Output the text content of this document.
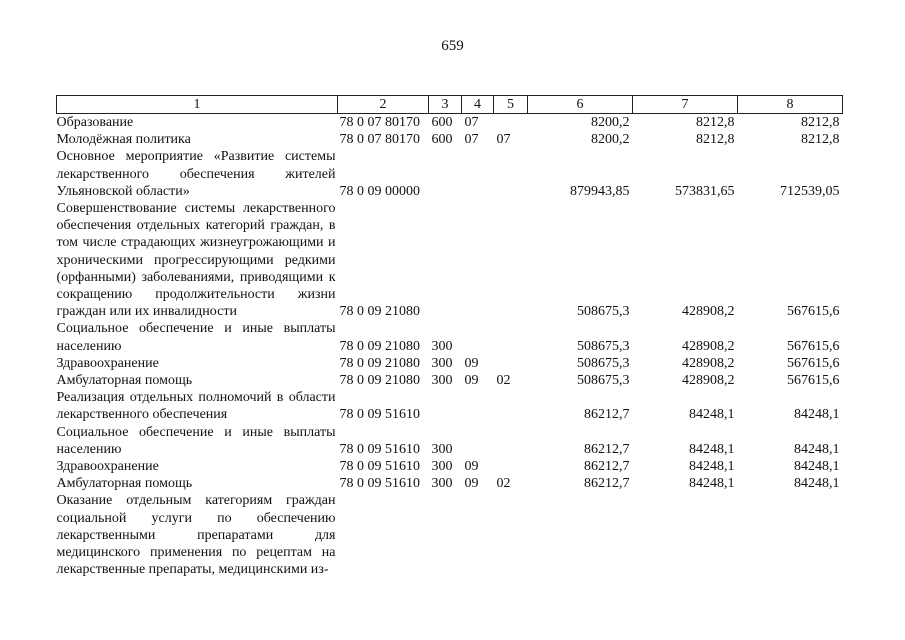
659
1	2	3	4	5	6	7	8
Образование	78 0 07 80170	600	07		8200,2	8212,8	8212,8
Молодёжная политика	78 0 07 80170	600	07	07	8200,2	8212,8	8212,8
Основное мероприятие «Развитие системы лекарственного обеспечения жителей Ульяновской области»	78 0 09 00000				879943,85	573831,65	712539,05
Совершенствование системы лекарственного обеспечения отдельных категорий граждан, в том числе страдающих жизнеугрожающими и хроническими прогрессирующими редкими (орфанными) заболеваниями, приводящими к сокращению продолжительности жизни граждан или их инвалидности	78 0 09 21080				508675,3	428908,2	567615,6
Социальное обеспечение и иные выплаты населению	78 0 09 21080	300			508675,3	428908,2	567615,6
Здравоохранение	78 0 09 21080	300	09		508675,3	428908,2	567615,6
Амбулаторная помощь	78 0 09 21080	300	09	02	508675,3	428908,2	567615,6
Реализация отдельных полномочий в области лекарственного обеспечения	78 0 09 51610				86212,7	84248,1	84248,1
Социальное обеспечение и иные выплаты населению	78 0 09 51610	300			86212,7	84248,1	84248,1
Здравоохранение	78 0 09 51610	300	09		86212,7	84248,1	84248,1
Амбулаторная помощь	78 0 09 51610	300	09	02	86212,7	84248,1	84248,1
Оказание отдельным категориям граждан социальной услуги по обеспечению лекарственными препаратами для медицинского применения по рецептам на лекарственные препараты, медицинскими из-							
